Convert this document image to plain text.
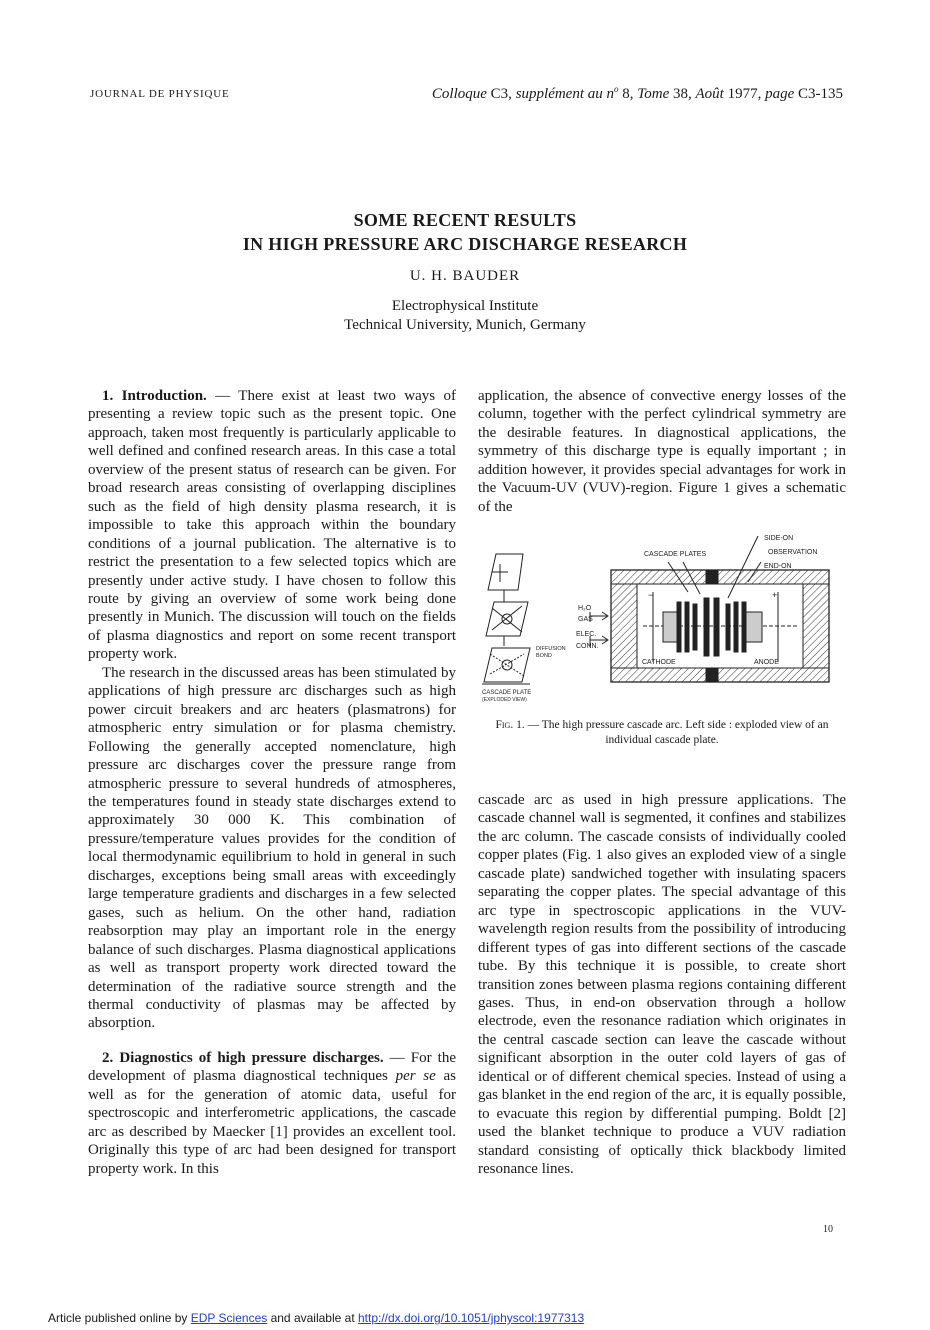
JOURNAL DE PHYSIQUE	Colloque C3, supplément au $n^o$ 8, Tome 38, Août 1977, page C3-135
SOME RECENT RESULTS
IN HIGH PRESSURE ARC DISCHARGE RESEARCH
U. H. BAUDER
Electrophysical Institute
Technical University, Munich, Germany

1. Introduction. — There exist at least two ways of presenting a review topic such as the present topic. One approach, taken most frequently is particularly applicable to well defined and confined research areas. In this case a total overview of the present status of research can be given. For broad research areas consisting of overlapping disciplines such as the field of high density plasma research, it is impossible to take this approach within the boundary conditions of a journal publication. The alternative is to restrict the presentation to a few selected topics which are presently under active study. I have chosen to follow this route by giving an overview of some work being done presently in Munich. The discussion will touch on the fields of plasma diagnostics and report on some recent transport property work.

The research in the discussed areas has been stimulated by applications of high pressure arc discharges such as high power circuit breakers and arc heaters (plasmatrons) for atmospheric entry simulation or for plasma chemistry. Following the generally accepted nomenclature, high pressure arc discharges cover the pressure range from atmospheric pressure to several hundreds of atmospheres, the temperatures found in steady state discharges extend to approximately 30 000 K. This combination of pressure/temperature values provides for the condition of local thermodynamic equilibrium to hold in general in such discharges, exceptions being small areas with exceedingly large temperature gradients and discharges in a few selected gases, such as helium. On the other hand, radiation reabsorption may play an important role in the energy balance of such discharges. Plasma diagnostical applications as well as transport property work directed toward the determination of the radiative source strength and the thermal conductivity of plasmas may be affected by absorption.

2. Diagnostics of high pressure discharges. — For the development of plasma diagnostical techniques per se as well as for the generation of atomic data, useful for spectroscopic and interferometric applications, the cascade arc as described by Maecker [1] provides an excellent tool. Originally this type of arc had been designed for transport property work. In this

application, the absence of convective energy losses of the column, together with the perfect cylindrical symmetry are the desirable features. In diagnostical applications, the symmetry of this discharge type is equally important ; in addition however, it provides special advantages for work in the Vacuum-UV (VUV)-region. Figure 1 gives a schematic of the

SIDE-ON
CASCADE PLATES	OBSERVATION
END-ON
H₂O
GAS
ELEC.
CONN.
DIFFUSION
BOND
CATHODE	ANODE
+
−
CASCADE PLATE
(EXPLODED VIEW)
Fig. 1. — The high pressure cascade arc. Left side : exploded view of an individual cascade plate.

cascade arc as used in high pressure applications. The cascade channel wall is segmented, it confines and stabilizes the arc column. The cascade consists of individually cooled copper plates (Fig. 1 also gives an exploded view of a single cascade plate) sandwiched together with insulating spacers separating the copper plates. The special advantage of this arc type in spectroscopic applications in the VUV-wavelength region results from the possibility of introducing different types of gas into different sections of the cascade tube. By this technique it is possible, to create short transition zones between plasma regions containing different gases. Thus, in end-on observation through a hollow electrode, even the resonance radiation which originates in the central cascade section can leave the cascade without significant absorption in the outer cold layers of gas of identical or of different chemical species. Instead of using a gas blanket in the end region of the arc, it is equally possible, to evacuate this region by differential pumping. Boldt [2] used the blanket technique to produce a VUV radiation standard consisting of optically thick blackbody limited resonance lines.

10
Article published online by EDP Sciences and available at http://dx.doi.org/10.1051/jphyscol:1977313
